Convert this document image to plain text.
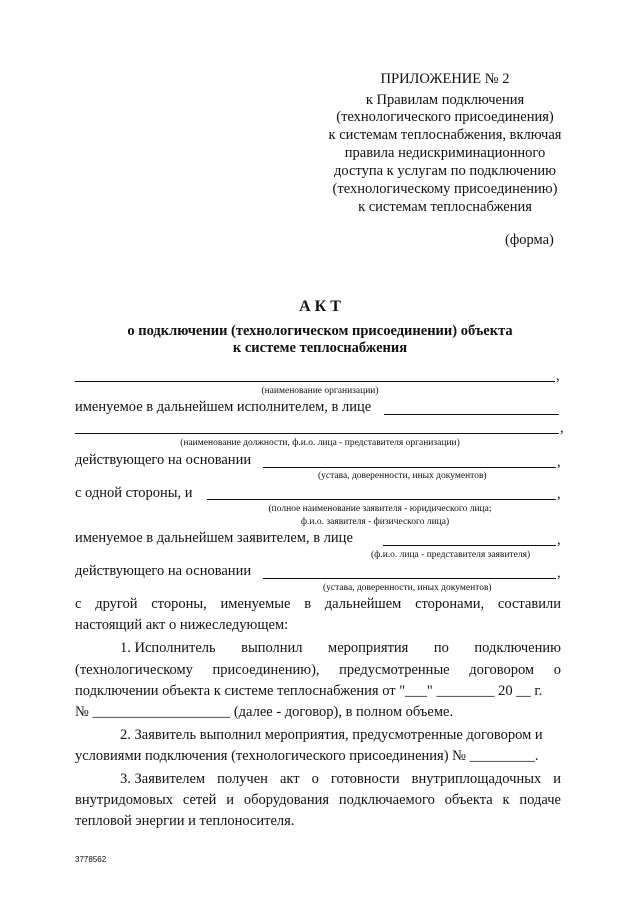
ПРИЛОЖЕНИЕ № 2
к Правилам подключения
(технологического присоединения)
к системам теплоснабжения, включая
правила недискриминационного
доступа к услугам по подключению
(технологическому присоединению)
к системам теплоснабжения
(форма)
А К Т
о подключении (технологическом присоединении) объекта
к системе теплоснабжения
,
(наименование организации)
именуемое в дальнейшем исполнителем, в лице
,
(наименование должности, ф.и.о. лица - представителя организации)
действующего на основании	,
(устава, доверенности, иных документов)
с одной стороны, и	,
(полное наименование заявителя - юридического лица;
ф.и.о. заявителя - физического лица)
именуемое в дальнейшем заявителем, в лице	,
(ф.и.о. лица - представителя заявителя)
действующего на основании	,
(устава, доверенности, иных документов)
с другой стороны, именуемые в дальнейшем сторонами, составили
настоящий акт о нижеследующем:
1. Исполнитель выполнил мероприятия по подключению
(технологическому присоединению), предусмотренные договором о
подключении объекта к системе теплоснабжения от "___" ________ 20 __ г.
№ ___________________ (далее - договор), в полном объеме.
2. Заявитель выполнил мероприятия, предусмотренные договором и
условиями подключения (технологического присоединения) № _________.
3. Заявителем получен акт о готовности внутриплощадочных и
внутридомовых сетей и оборудования подключаемого объекта к подаче
тепловой энергии и теплоносителя.
3778562
